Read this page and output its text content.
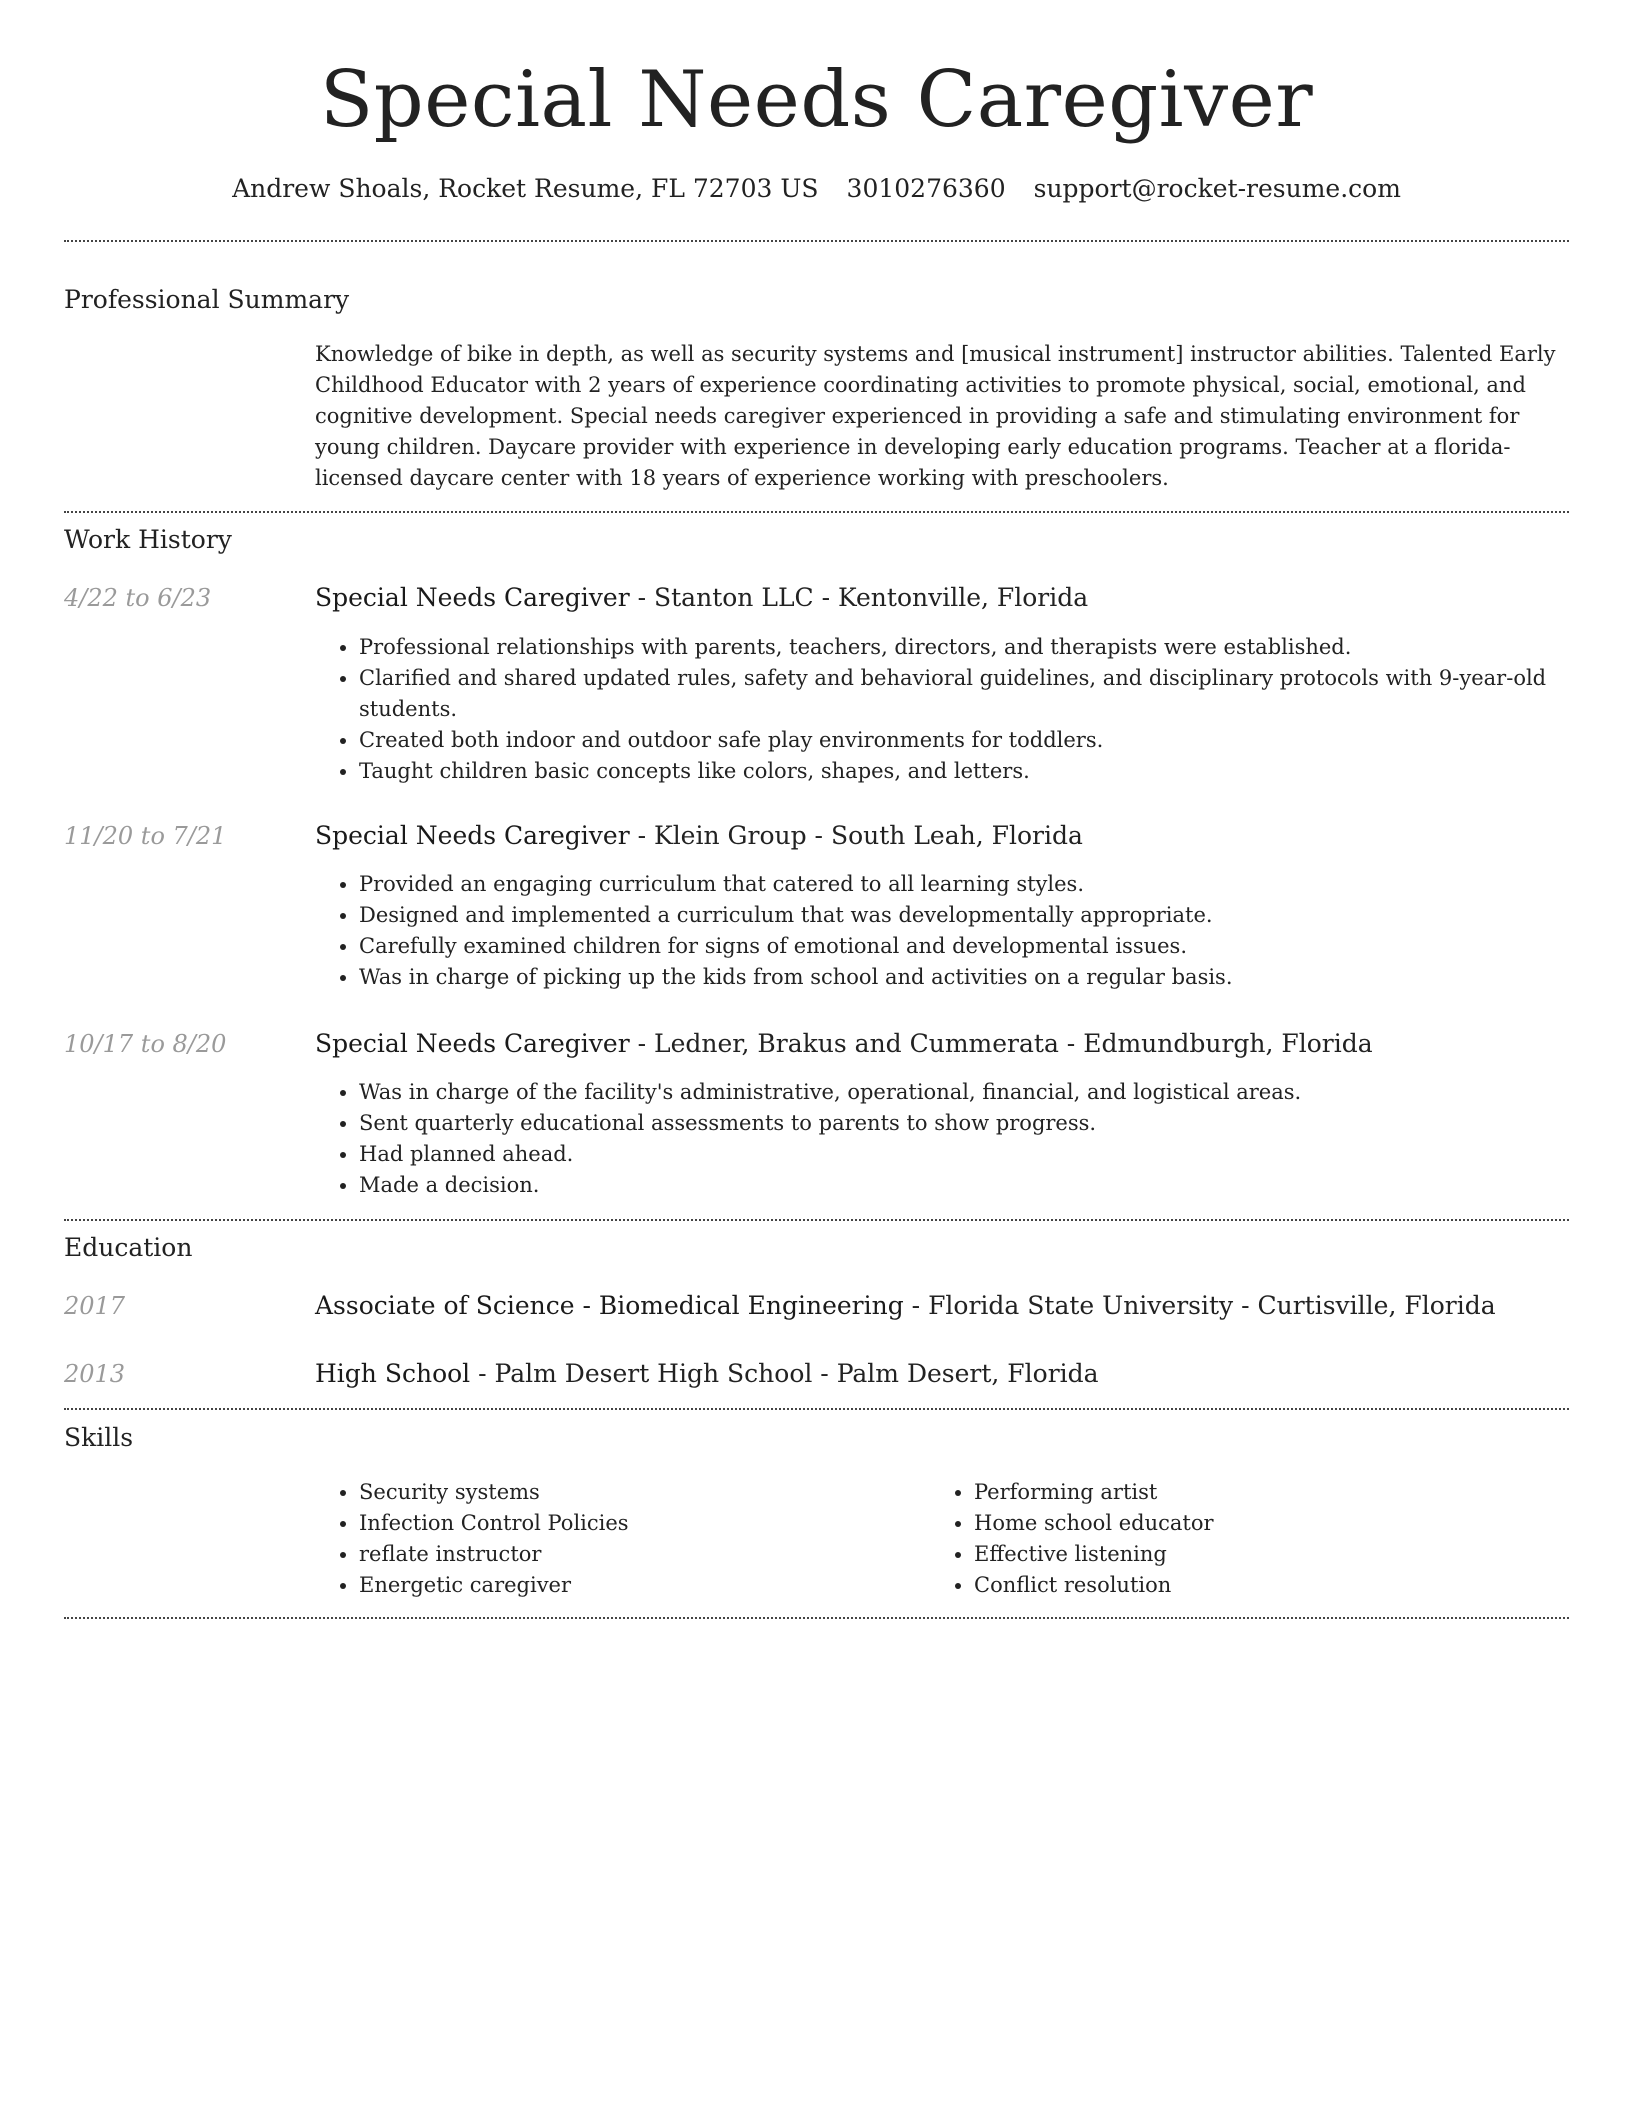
Special Needs Caregiver
Andrew Shoals, Rocket Resume, FL 72703 US 3010276360 support@rocket-resume.com
Professional Summary
Knowledge of bike in depth, as well as security systems and [musical instrument] instructor abilities. Talented Early Childhood Educator with 2 years of experience coordinating activities to promote physical, social, emotional, and cognitive development. Special needs caregiver experienced in providing a safe and stimulating environment for young children. Daycare provider with experience in developing early education programs. Teacher at a florida-licensed daycare center with 18 years of experience working with preschoolers.
Work History
4/22 to 6/23	Special Needs Caregiver - Stanton LLC - Kentonville, Florida
• Professional relationships with parents, teachers, directors, and therapists were established.
• Clarified and shared updated rules, safety and behavioral guidelines, and disciplinary protocols with 9-year-old students.
• Created both indoor and outdoor safe play environments for toddlers.
• Taught children basic concepts like colors, shapes, and letters.
11/20 to 7/21	Special Needs Caregiver - Klein Group - South Leah, Florida
• Provided an engaging curriculum that catered to all learning styles.
• Designed and implemented a curriculum that was developmentally appropriate.
• Carefully examined children for signs of emotional and developmental issues.
• Was in charge of picking up the kids from school and activities on a regular basis.
10/17 to 8/20	Special Needs Caregiver - Ledner, Brakus and Cummerata - Edmundburgh, Florida
• Was in charge of the facility's administrative, operational, financial, and logistical areas.
• Sent quarterly educational assessments to parents to show progress.
• Had planned ahead.
• Made a decision.
Education
2017	Associate of Science - Biomedical Engineering - Florida State University - Curtisville, Florida
2013	High School - Palm Desert High School - Palm Desert, Florida
Skills
• Security systems
• Infection Control Policies
• reflate instructor
• Energetic caregiver
• Performing artist
• Home school educator
• Effective listening
• Conflict resolution
